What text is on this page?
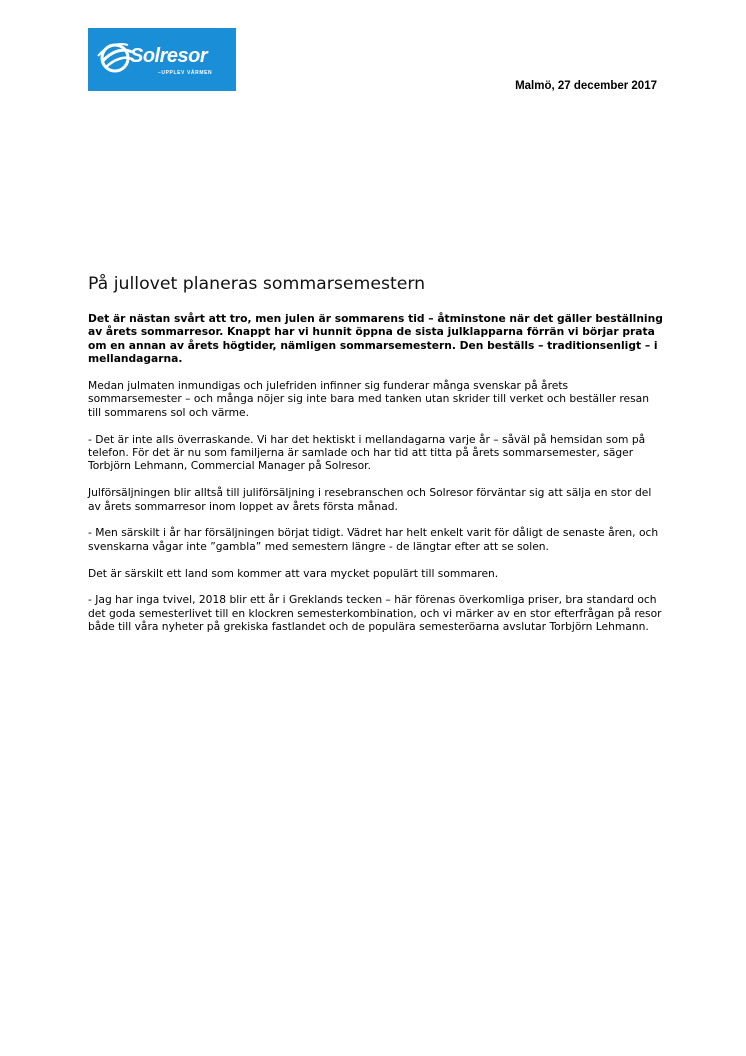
Solresor
–UPPLEV VÄRMEN
Malmö, 27 december 2017
På jullovet planeras sommarsemestern

Det är nästan svårt att tro, men julen är sommarens tid – åtminstone när det gäller beställning av årets sommarresor. Knappt har vi hunnit öppna de sista julklapparna förrän vi börjar prata om en annan av årets högtider, nämligen sommarsemestern. Den beställs – traditionsenligt – i mellandagarna.

Medan julmaten inmundigas och julefriden infinner sig funderar många svenskar på årets sommarsemester – och många nöjer sig inte bara med tanken utan skrider till verket och beställer resan till sommarens sol och värme.

- Det är inte alls överraskande. Vi har det hektiskt i mellandagarna varje år – såväl på hemsidan som på telefon. För det är nu som familjerna är samlade och har tid att titta på årets sommarsemester, säger Torbjörn Lehmann, Commercial Manager på Solresor.

Julförsäljningen blir alltså till juliförsäljning i resebranschen och Solresor förväntar sig att sälja en stor del av årets sommarresor inom loppet av årets första månad.

- Men särskilt i år har försäljningen börjat tidigt. Vädret har helt enkelt varit för dåligt de senaste åren, och svenskarna vågar inte ”gambla” med semestern längre - de längtar efter att se solen.

Det är särskilt ett land som kommer att vara mycket populärt till sommaren.

- Jag har inga tvivel, 2018 blir ett år i Greklands tecken – här förenas överkomliga priser, bra standard och det goda semesterlivet till en klockren semesterkombination, och vi märker av en stor efterfrågan på resor både till våra nyheter på grekiska fastlandet och de populära semesteröarna avslutar Torbjörn Lehmann.
